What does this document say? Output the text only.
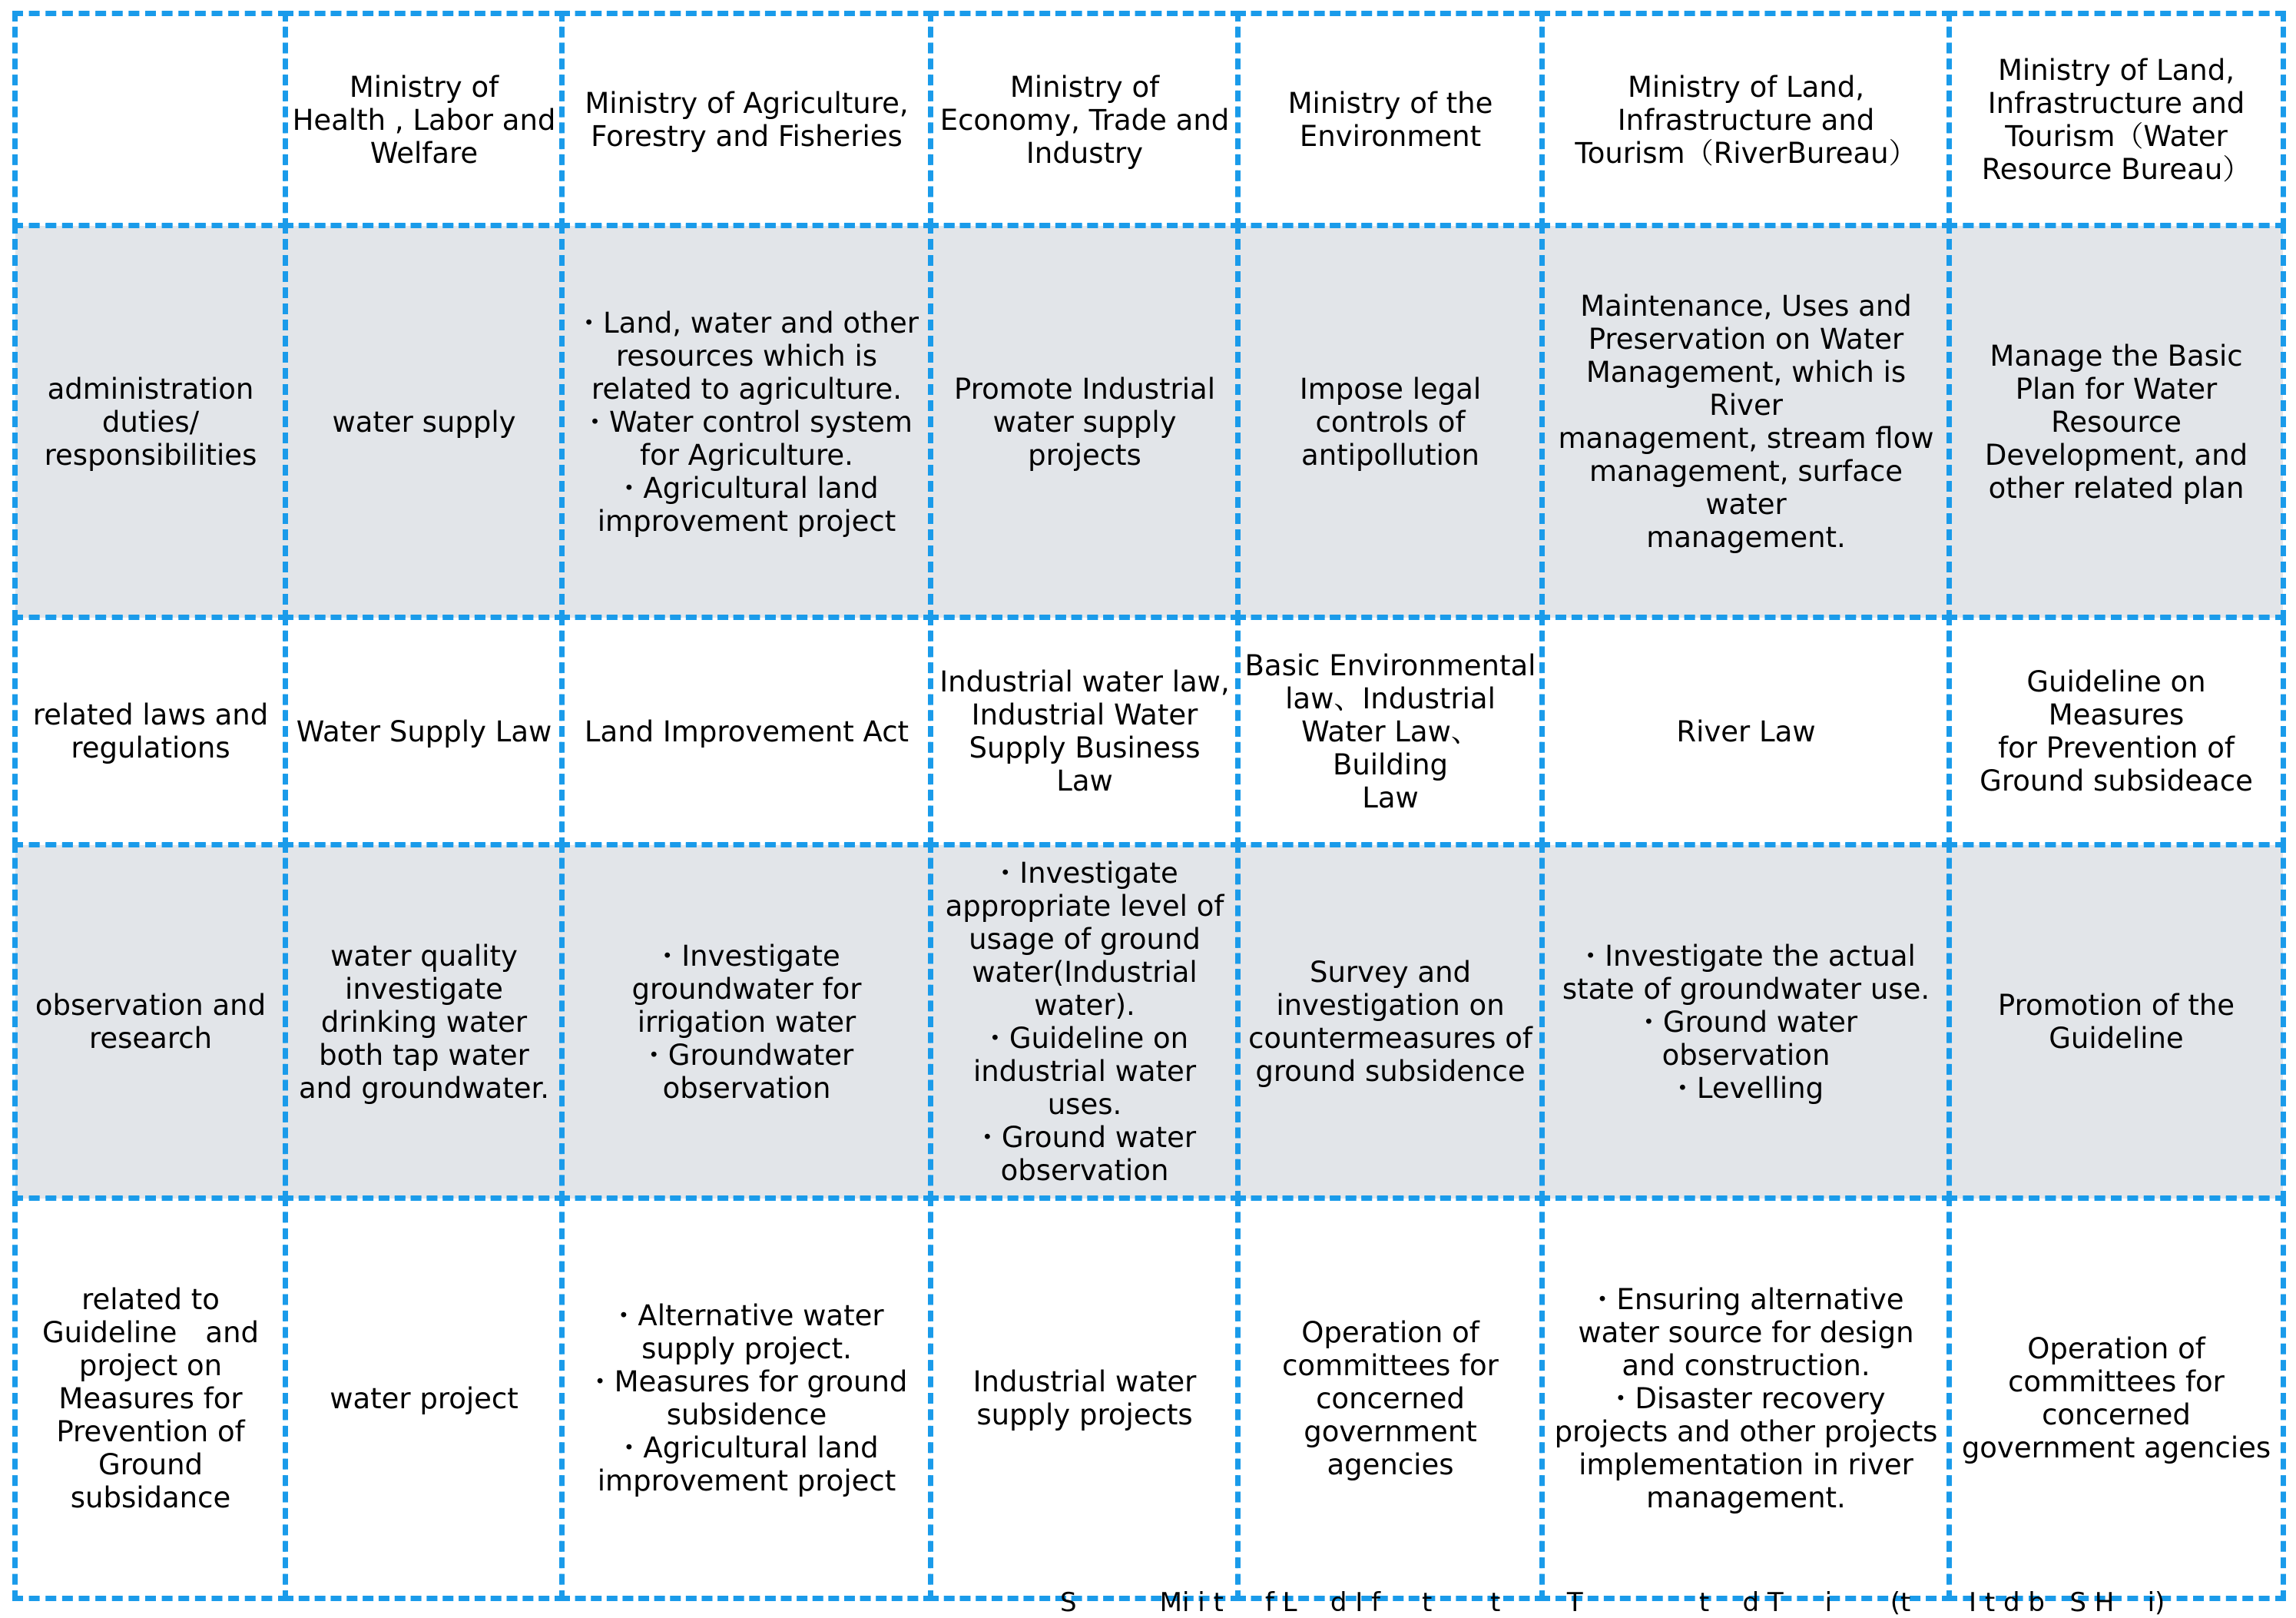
Ministry of
Health , Labor and
Welfare
Ministry of Agriculture,
Forestry and Fisheries
Ministry of
Economy, Trade and
Industry
Ministry of the
Environment
Ministry of Land,
Infrastructure and
Tourism（RiverBureau）
Ministry of Land,
Infrastructure and
Tourism（Water
Resource Bureau）
administration
duties/
responsibilities
water supply
・Land, water and other
resources which is
related to agriculture.
・Water control system
for Agriculture.
・Agricultural land
improvement project
Promote Industrial
water supply
projects
Impose legal
controls of
antipollution
Maintenance, Uses and
Preservation on Water
Management, which is River
management, stream flow
management, surface water
management.
Manage the Basic
Plan for Water
Resource
Development, and
other related plan
related laws and
regulations	Water Supply Law Land Improvement Act
Industrial water law,
Industrial Water
Supply Business Law
Basic Environmental
law、Industrial
Water Law、Building
Law
River Law
Guideline on Measures
for Prevention of
Ground subsideace
observation and
research
water quality
investigate
drinking water
both tap water
and groundwater.
・Investigate
groundwater for
irrigation water
・Groundwater
observation
・Investigate
appropriate level of
usage of ground
water(Industrial
water).
・Guideline on
industrial water
uses.
・Ground water
observation
Survey and
investigation on
countermeasures of
ground subsidence
・Investigate the actual
state of groundwater use.
・Ground water
observation
・Levelling
Promotion of the
Guideline
related to
Guideline　and
project on
Measures for
Prevention of
Ground
subsidance
water project
・Alternative water
supply project.
・Measures for ground
subsidence
・Agricultural land
improvement project
Industrial water
supply projects
Operation of
committees for
concerned
government
agencies
・Ensuring alternative
water source for design
and construction.
・Disaster recovery
projects and other projects
implementation in river
management.
Operation of
committees for
concerned
government agencies
S          Mi i t     f L    d I f     t       t        T              t    d T     i       (t       I t d b   S H    i)
